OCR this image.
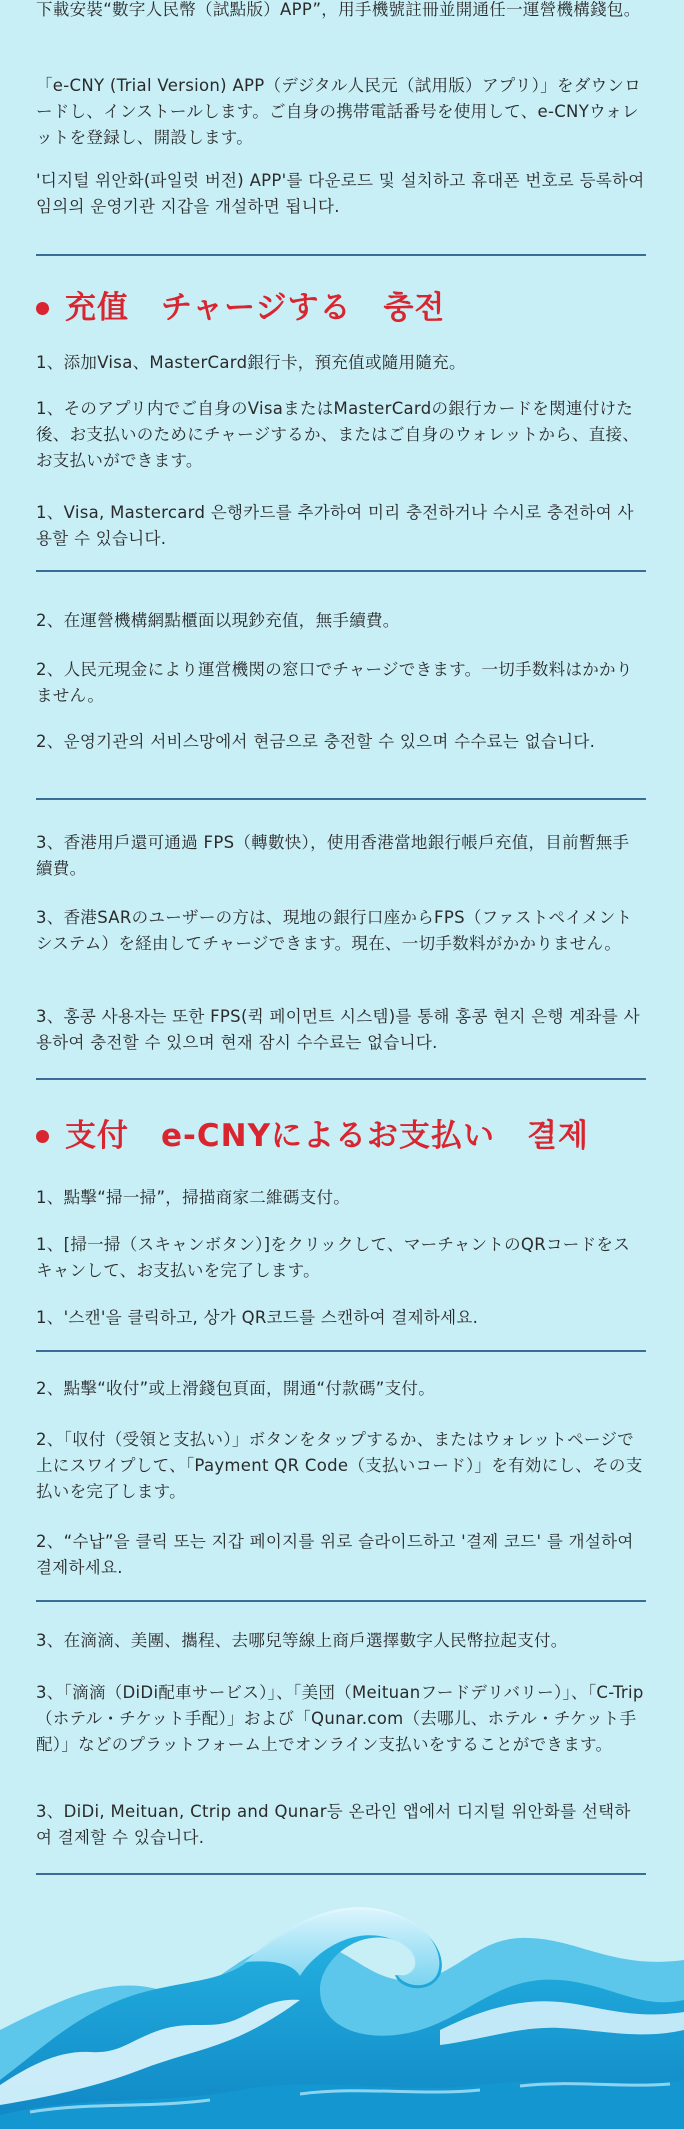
下載安裝“數字人民幣（試點版）APP”，用手機號註冊並開通任一運營機構錢包。

「e-CNY (Trial Version) APP（デジタル人民元（試用版）アプリ）」をダウンロードし、インストールします。ご自身の携帯電話番号を使用して、e-CNYウォレットを登録し、開設します。

'디지털 위안화(파일럿 버전) APP'를 다운로드 및 설치하고 휴대폰 번호로 등록하여 임의의 운영기관 지갑을 개설하면 됩니다.

充值　チャージする　충전

1、添加Visa、MasterCard銀行卡，預充值或隨用隨充。

1、そのアプリ内でご自身のVisaまたはMasterCardの銀行カードを関連付けた後、お支払いのためにチャージするか、またはご自身のウォレットから、直接、お支払いができます。

1、Visa, Mastercard 은행카드를 추가하여 미리 충전하거나 수시로 충전하여 사용할 수 있습니다.

2、在運營機構網點櫃面以現鈔充值，無手續費。

2、人民元現金により運営機関の窓口でチャージできます。一切手数料はかかりません。

2、운영기관의 서비스망에서 현금으로 충전할 수 있으며 수수료는 없습니다.

3、香港用戶還可通過 FPS（轉數快），使用香港當地銀行帳戶充值，目前暫無手續費。

3、香港SARのユーザーの方は、現地の銀行口座からFPS（ファストペイメントシステム）を経由してチャージできます。現在、一切手数料がかかりません。

3、홍콩 사용자는 또한 FPS(퀵 페이먼트 시스템)를 통해 홍콩 현지 은행 계좌를 사용하여 충전할 수 있으며 현재 잠시 수수료는 없습니다.

支付　e-CNYによるお支払い　결제

1、點擊“掃一掃”，掃描商家二維碼支付。

1、[掃一掃（スキャンボタン）]をクリックして、マーチャントのQRコードをスキャンして、お支払いを完了します。

1、'스캔'을 클릭하고, 상가 QR코드를 스캔하여 결제하세요.

2、點擊“收付”或上滑錢包頁面，開通“付款碼”支付。

2、「収付（受領と支払い）」ボタンをタップするか、またはウォレットページで上にスワイプして、「Payment QR Code（支払いコード）」を有効にし、その支払いを完了します。

2、“수납”을 클릭 또는 지갑 페이지를 위로 슬라이드하고 '결제 코드' 를 개설하여 결제하세요.

3、在滴滴、美團、攜程、去哪兒等線上商戶選擇數字人民幣拉起支付。

3、「滴滴（DiDi配車サービス）」、「美団（Meituanフードデリバリー）」、「C-Trip（ホテル・チケット手配）」および「Qunar.com（去哪儿、ホテル・チケット手配）」などのプラットフォーム上でオンライン支払いをすることができます。

3、DiDi, Meituan, Ctrip and Qunar등 온라인 앱에서 디지털 위안화를 선택하여 결제할 수 있습니다.
